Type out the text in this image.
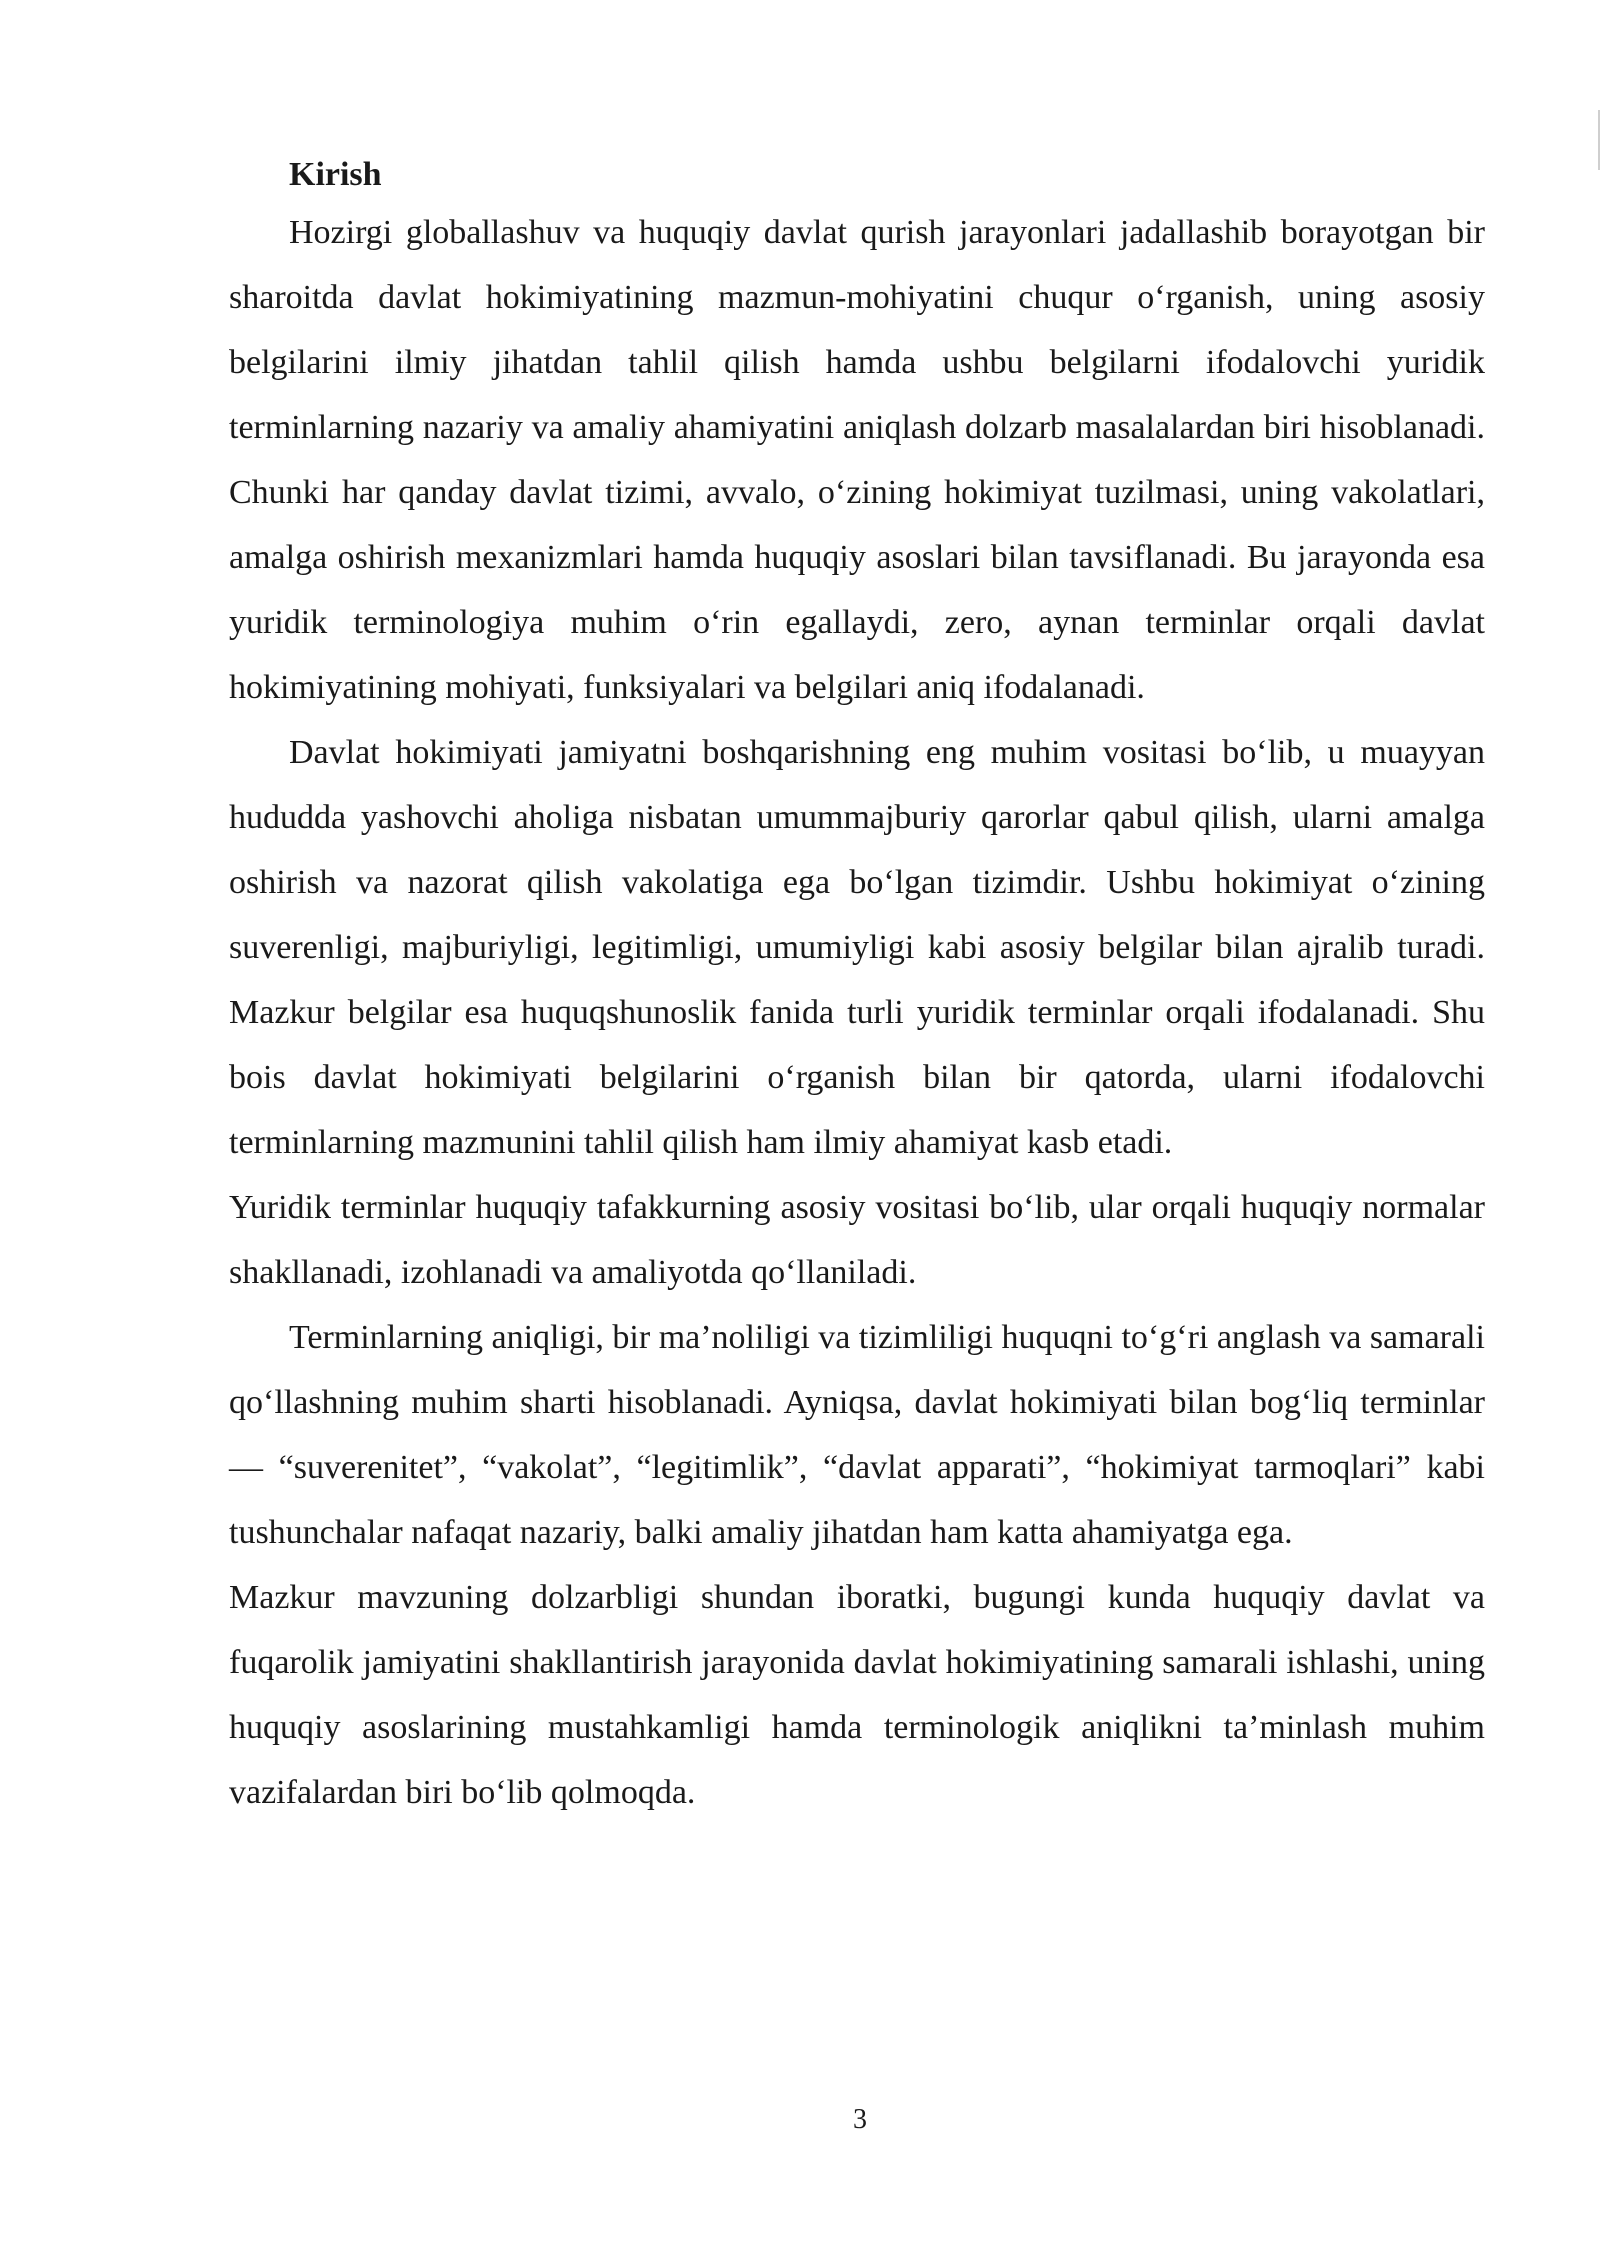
Kirish

Hozirgi globallashuv va huquqiy davlat qurish jarayonlari jadallashib borayotgan bir sharoitda davlat hokimiyatining mazmun-mohiyatini chuqur o‘rganish, uning asosiy belgilarini ilmiy jihatdan tahlil qilish hamda ushbu belgilarni ifodalovchi yuridik terminlarning nazariy va amaliy ahamiyatini aniqlash dolzarb masalalardan biri hisoblanadi. Chunki har qanday davlat tizimi, avvalo, o‘zining hokimiyat tuzilmasi, uning vakolatlari, amalga oshirish mexanizmlari hamda huquqiy asoslari bilan tavsiflanadi. Bu jarayonda esa yuridik terminologiya muhim o‘rin egallaydi, zero, aynan terminlar orqali davlat hokimiyatining mohiyati, funksiyalari va belgilari aniq ifodalanadi.

Davlat hokimiyati jamiyatni boshqarishning eng muhim vositasi bo‘lib, u muayyan hududda yashovchi aholiga nisbatan umummajburiy qarorlar qabul qilish, ularni amalga oshirish va nazorat qilish vakolatiga ega bo‘lgan tizimdir. Ushbu hokimiyat o‘zining suverenligi, majburiyligi, legitimligi, umumiyligi kabi asosiy belgilar bilan ajralib turadi. Mazkur belgilar esa huquqshunoslik fanida turli yuridik terminlar orqali ifodalanadi. Shu bois davlat hokimiyati belgilarini o‘rganish bilan bir qatorda, ularni ifodalovchi terminlarning mazmunini tahlil qilish ham ilmiy ahamiyat kasb etadi.

Yuridik terminlar huquqiy tafakkurning asosiy vositasi bo‘lib, ular orqali huquqiy normalar shakllanadi, izohlanadi va amaliyotda qo‘llaniladi.

Terminlarning aniqligi, bir ma’noliligi va tizimliligi huquqni to‘g‘ri anglash va samarali qo‘llashning muhim sharti hisoblanadi. Ayniqsa, davlat hokimiyati bilan bog‘liq terminlar — “suverenitet”, “vakolat”, “legitimlik”, “davlat apparati”, “hokimiyat tarmoqlari” kabi tushunchalar nafaqat nazariy, balki amaliy jihatdan ham katta ahamiyatga ega.

Mazkur mavzuning dolzarbligi shundan iboratki, bugungi kunda huquqiy davlat va fuqarolik jamiyatini shakllantirish jarayonida davlat hokimiyatining samarali ishlashi, uning huquqiy asoslarining mustahkamligi hamda terminologik aniqlikni ta’minlash muhim vazifalardan biri bo‘lib qolmoqda.

3
